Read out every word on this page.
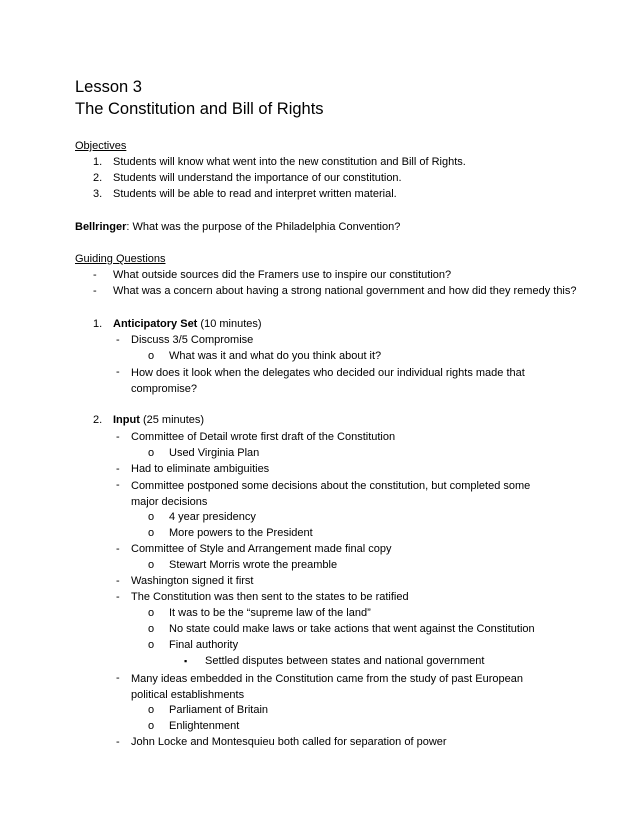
Lesson 3
The Constitution and Bill of Rights
Objectives
1. Students will know what went into the new constitution and Bill of Rights.
2. Students will understand the importance of our constitution.
3. Students will be able to read and interpret written material.
Bellringer: What was the purpose of the Philadelphia Convention?
Guiding Questions
- What outside sources did the Framers use to inspire our constitution?
- What was a concern about having a strong national government and how did they remedy this?
1. Anticipatory Set (10 minutes)
- Discuss 3/5 Compromise
o What was it and what do you think about it?
- How does it look when the delegates who decided our individual rights made that compromise?
2. Input (25 minutes)
- Committee of Detail wrote first draft of the Constitution
o Used Virginia Plan
- Had to eliminate ambiguities
- Committee postponed some decisions about the constitution, but completed some major decisions
o 4 year presidency
o More powers to the President
- Committee of Style and Arrangement made final copy
o Stewart Morris wrote the preamble
- Washington signed it first
- The Constitution was then sent to the states to be ratified
o It was to be the “supreme law of the land”
o No state could make laws or take actions that went against the Constitution
o Final authority
▪ Settled disputes between states and national government
- Many ideas embedded in the Constitution came from the study of past European political establishments
o Parliament of Britain
o Enlightenment
- John Locke and Montesquieu both called for separation of power
